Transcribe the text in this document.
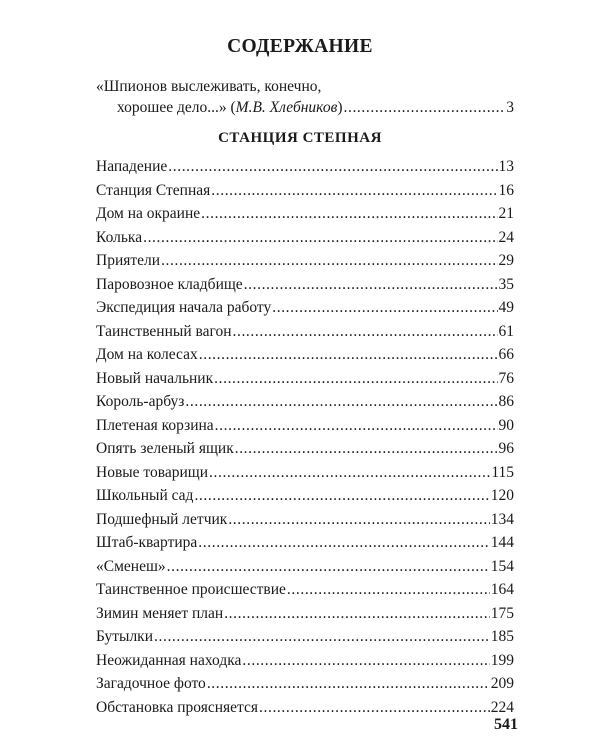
СОДЕРЖАНИЕ
«Шпионов выслеживать, конечно,
хорошее дело...» ( М.В. Хлебников ) .....	3
СТАНЦИЯ СТЕПНАЯ
Нападение .....	13
Станция Степная .....	16
Дом на окраине .....	21
Колька .....	24
Приятели .....	29
Паровозное кладбище .....	35
Экспедиция начала работу .....	49
Таинственный вагон .....	61
Дом на колесах .....	66
Новый начальник .....	76
Король-арбуз .....	86
Плетеная корзина .....	90
Опять зеленый ящик .....	96
Новые товарищи .....	115
Школьный сад .....	120
Подшефный летчик .....	134
Штаб-квартира .....	144
«Сменеш» .....	154
Таинственное происшествие .....	164
Зимин меняет план .....	175
Бутылки .....	185
Неожиданная находка .....	199
Загадочное фото .....	209
Обстановка проясняется .....	224
541
